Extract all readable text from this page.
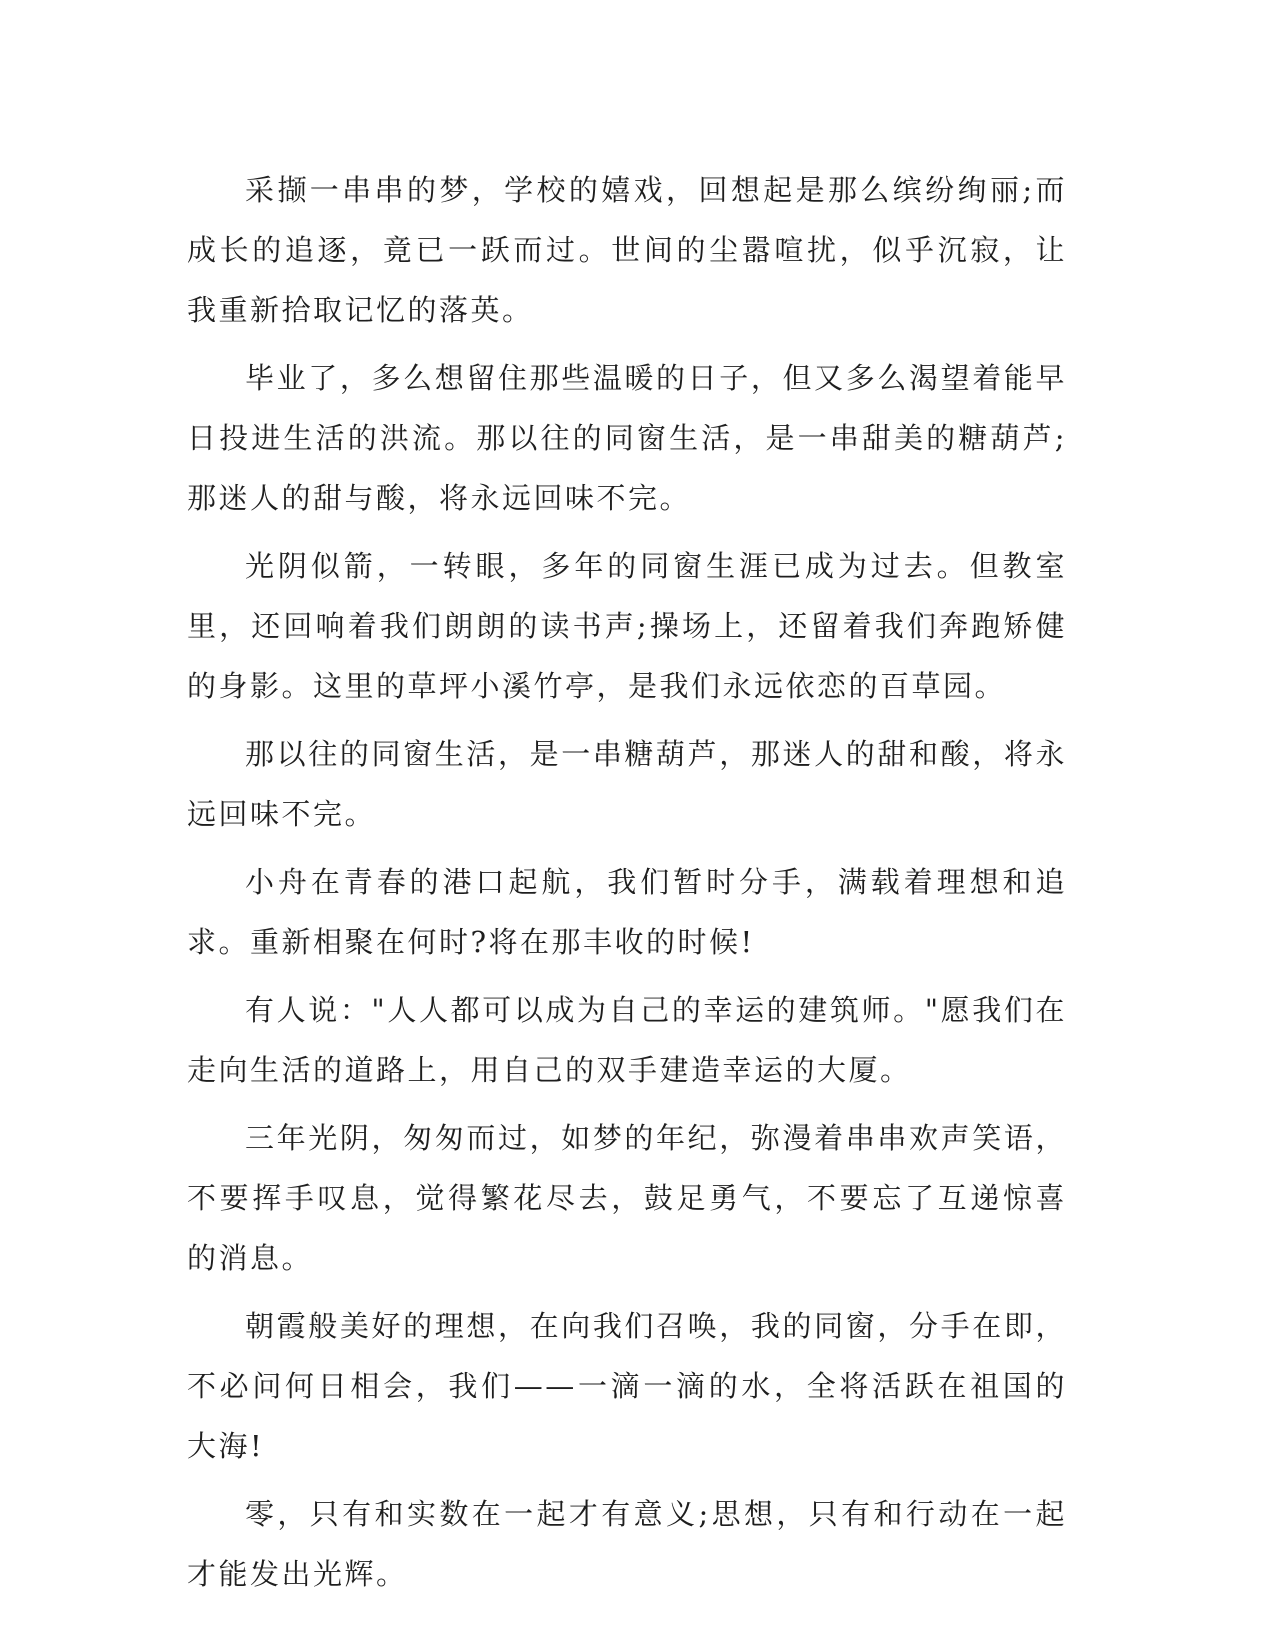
采撷一串串的梦，学校的嬉戏，回想起是那么缤纷绚丽;而成长的追逐，竟已一跃而过。世间的尘嚣喧扰，似乎沉寂，让我重新拾取记忆的落英。

毕业了，多么想留住那些温暖的日子，但又多么渴望着能早日投进生活的洪流。那以往的同窗生活，是一串甜美的糖葫芦;那迷人的甜与酸，将永远回味不完。

光阴似箭，一转眼，多年的同窗生涯已成为过去。但教室里，还回响着我们朗朗的读书声;操场上，还留着我们奔跑矫健的身影。这里的草坪小溪竹亭，是我们永远依恋的百草园。

那以往的同窗生活，是一串糖葫芦，那迷人的甜和酸，将永远回味不完。

小舟在青春的港口起航，我们暂时分手，满载着理想和追求。重新相聚在何时?将在那丰收的时候!

有人说："人人都可以成为自己的幸运的建筑师。"愿我们在走向生活的道路上，用自己的双手建造幸运的大厦。

三年光阴，匆匆而过，如梦的年纪，弥漫着串串欢声笑语，不要挥手叹息，觉得繁花尽去，鼓足勇气，不要忘了互递惊喜的消息。

朝霞般美好的理想，在向我们召唤，我的同窗，分手在即，不必问何日相会，我们——一滴一滴的水，全将活跃在祖国的大海!

零，只有和实数在一起才有意义;思想，只有和行动在一起才能发出光辉。
